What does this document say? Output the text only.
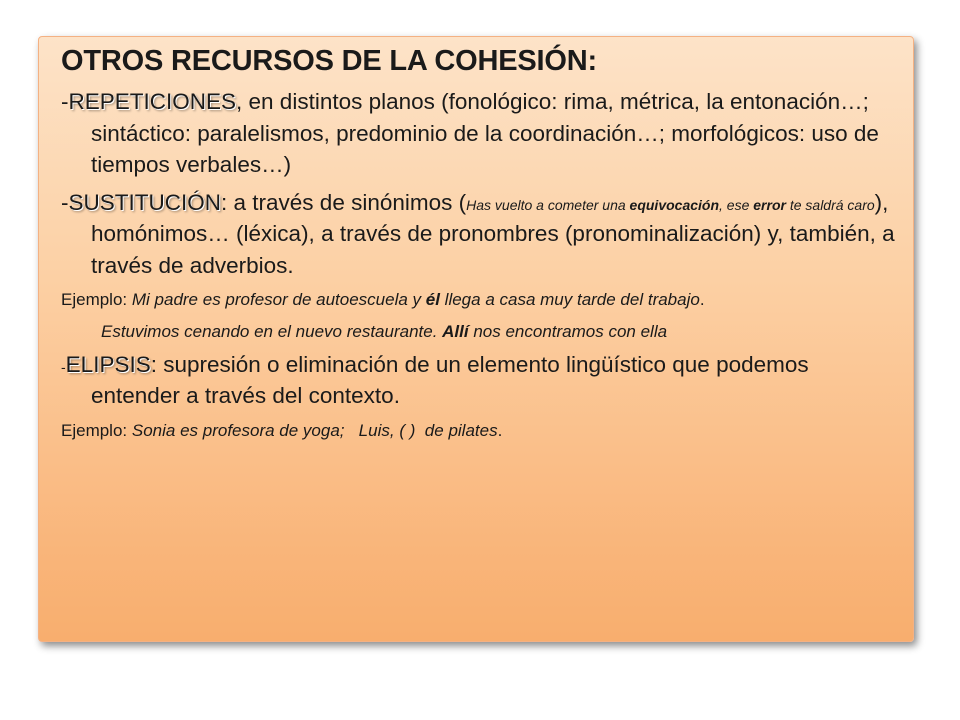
OTROS RECURSOS DE LA COHESIÓN:

-REPETICIONES, en distintos planos (fonológico: rima, métrica, la entonación…; sintáctico: paralelismos, predominio de la coordinación…; morfológicos: uso de tiempos verbales…)

-SUSTITUCIÓN: a través de sinónimos (Has vuelto a cometer una equivocación, ese error te saldrá caro), homónimos… (léxica), a través de pronombres (pronominalización) y, también, a través de adverbios.

Ejemplo: Mi padre es profesor de autoescuela y él llega a casa muy tarde del trabajo.

Estuvimos cenando en el nuevo restaurante. Allí nos encontramos con ella

-ELIPSIS: supresión o eliminación de un elemento lingüístico que podemos entender a través del contexto.

Ejemplo: Sonia es profesora de yoga;   Luis, ( )  de pilates.
